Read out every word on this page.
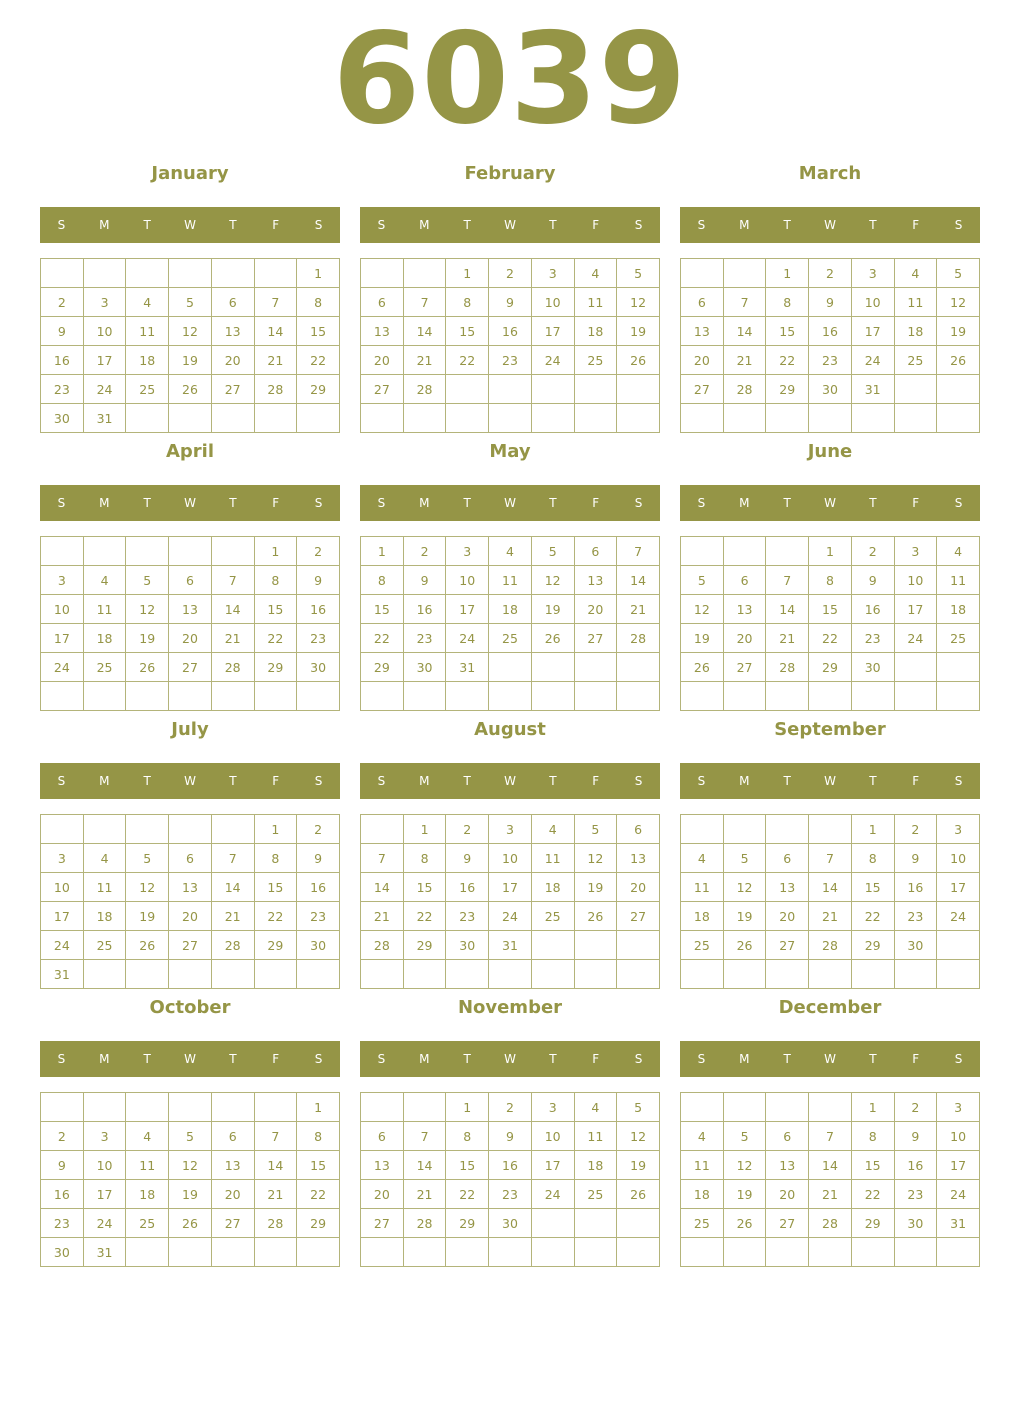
6039
January
S	M	T	W	T	F	S
						1
2	3	4	5	6	7	8
9	10	11	12	13	14	15
16	17	18	19	20	21	22
23	24	25	26	27	28	29
30	31					
February
S	M	T	W	T	F	S
		1	2	3	4	5
6	7	8	9	10	11	12
13	14	15	16	17	18	19
20	21	22	23	24	25	26
27	28					

March
S	M	T	W	T	F	S
		1	2	3	4	5
6	7	8	9	10	11	12
13	14	15	16	17	18	19
20	21	22	23	24	25	26
27	28	29	30	31		

April
S	M	T	W	T	F	S
					1	2
3	4	5	6	7	8	9
10	11	12	13	14	15	16
17	18	19	20	21	22	23
24	25	26	27	28	29	30

May
S	M	T	W	T	F	S
1	2	3	4	5	6	7
8	9	10	11	12	13	14
15	16	17	18	19	20	21
22	23	24	25	26	27	28
29	30	31				

June
S	M	T	W	T	F	S
			1	2	3	4
5	6	7	8	9	10	11
12	13	14	15	16	17	18
19	20	21	22	23	24	25
26	27	28	29	30		

July
S	M	T	W	T	F	S
					1	2
3	4	5	6	7	8	9
10	11	12	13	14	15	16
17	18	19	20	21	22	23
24	25	26	27	28	29	30
31						
August
S	M	T	W	T	F	S
	1	2	3	4	5	6
7	8	9	10	11	12	13
14	15	16	17	18	19	20
21	22	23	24	25	26	27
28	29	30	31			

September
S	M	T	W	T	F	S
				1	2	3
4	5	6	7	8	9	10
11	12	13	14	15	16	17
18	19	20	21	22	23	24
25	26	27	28	29	30	

October
S	M	T	W	T	F	S
						1
2	3	4	5	6	7	8
9	10	11	12	13	14	15
16	17	18	19	20	21	22
23	24	25	26	27	28	29
30	31					
November
S	M	T	W	T	F	S
		1	2	3	4	5
6	7	8	9	10	11	12
13	14	15	16	17	18	19
20	21	22	23	24	25	26
27	28	29	30			

December
S	M	T	W	T	F	S
				1	2	3
4	5	6	7	8	9	10
11	12	13	14	15	16	17
18	19	20	21	22	23	24
25	26	27	28	29	30	31
